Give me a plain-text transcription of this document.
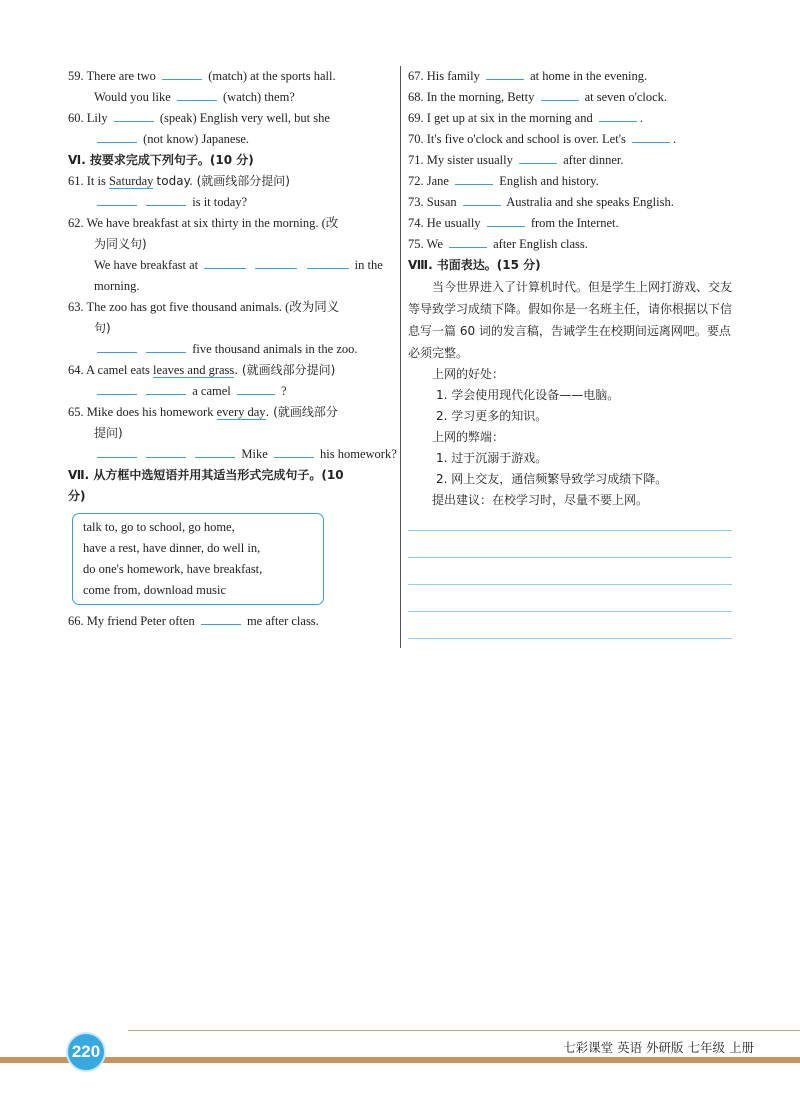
59. There are two	(match) at the sports hall.
Would you like	(watch) them?
60. Lily	(speak) English very well, but she
(not know) Japanese.
Ⅵ. 按要求完成下列句子。(10 分)
61. It is Saturday today. (就画线部分提问)
is it today?
62. We have breakfast at six thirty in the morning. (改
为同义句)
We have breakfast at	in the
morning.
63. The zoo has got five thousand animals. (改为同义
句)
five thousand animals in the zoo.
64. A camel eats leaves and grass. (就画线部分提问)
a camel	?
65. Mike does his homework every day. (就画线部分
提问)
Mike	his homework?
Ⅶ. 从方框中选短语并用其适当形式完成句子。(10
分)
talk to, go to school, go home,
have a rest, have dinner, do well in,
do one's homework, have breakfast,
come from, download music
66. My friend Peter often	me after class.
67. His family	at home in the evening.
68. In the morning, Betty	at seven o'clock.
69. I get up at six in the morning and	.
70. It's five o'clock and school is over. Let's	.
71. My sister usually	after dinner.
72. Jane	English and history.
73. Susan	Australia and she speaks English.
74. He usually	from the Internet.
75. We	after English class.
Ⅷ. 书面表达。(15 分)

当今世界进入了计算机时代。但是学生上网打游戏、交友等导致学习成绩下降。假如你是一名班主任，请你根据以下信息写一篇 60 词的发言稿，告诫学生在校期间远离网吧。要点必须完整。

上网的好处：
1. 学会使用现代化设备——电脑。
2. 学习更多的知识。
上网的弊端：
1. 过于沉溺于游戏。
2. 网上交友，通信频繁导致学习成绩下降。
提出建议：在校学习时，尽量不要上网。
220	七彩课堂 英语 外研版 七年级 上册
